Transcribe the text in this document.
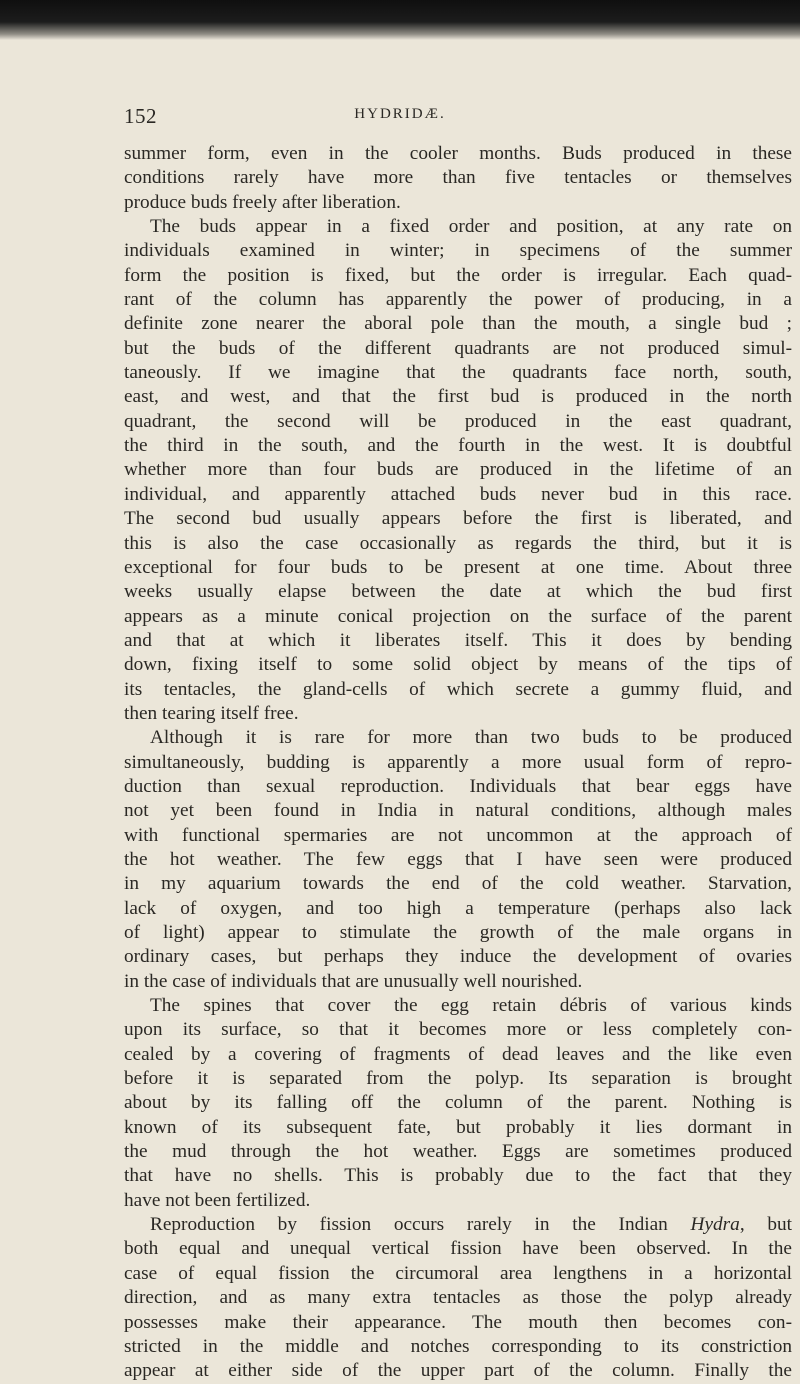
152	HYDRIDÆ.
summer form, even in the cooler months. Buds produced in these
conditions rarely have more than five tentacles or themselves
produce buds freely after liberation.
The buds appear in a fixed order and position, at any rate on
individuals examined in winter; in specimens of the summer
form the position is fixed, but the order is irregular. Each quad-
rant of the column has apparently the power of producing, in a
definite zone nearer the aboral pole than the mouth, a single bud ;
but the buds of the different quadrants are not produced simul-
taneously. If we imagine that the quadrants face north, south,
east, and west, and that the first bud is produced in the north
quadrant, the second will be produced in the east quadrant,
the third in the south, and the fourth in the west. It is doubtful
whether more than four buds are produced in the lifetime of an
individual, and apparently attached buds never bud in this race.
The second bud usually appears before the first is liberated, and
this is also the case occasionally as regards the third, but it is
exceptional for four buds to be present at one time. About three
weeks usually elapse between the date at which the bud first
appears as a minute conical projection on the surface of the parent
and that at which it liberates itself. This it does by bending
down, fixing itself to some solid object by means of the tips of
its tentacles, the gland-cells of which secrete a gummy fluid, and
then tearing itself free.
Although it is rare for more than two buds to be produced
simultaneously, budding is apparently a more usual form of repro-
duction than sexual reproduction. Individuals that bear eggs have
not yet been found in India in natural conditions, although males
with functional spermaries are not uncommon at the approach of
the hot weather. The few eggs that I have seen were produced
in my aquarium towards the end of the cold weather. Starvation,
lack of oxygen, and too high a temperature (perhaps also lack
of light) appear to stimulate the growth of the male organs in
ordinary cases, but perhaps they induce the development of ovaries
in the case of individuals that are unusually well nourished.
The spines that cover the egg retain débris of various kinds
upon its surface, so that it becomes more or less completely con-
cealed by a covering of fragments of dead leaves and the like even
before it is separated from the polyp. Its separation is brought
about by its falling off the column of the parent. Nothing is
known of its subsequent fate, but probably it lies dormant in
the mud through the hot weather. Eggs are sometimes produced
that have no shells. This is probably due to the fact that they
have not been fertilized.
Reproduction by fission occurs rarely in the Indian Hydra, but
both equal and unequal vertical fission have been observed. In the
case of equal fission the circumoral area lengthens in a horizontal
direction, and as many extra tentacles as those the polyp already
possesses make their appearance. The mouth then becomes con-
stricted in the middle and notches corresponding to its constriction
appear at either side of the upper part of the column. Finally the
